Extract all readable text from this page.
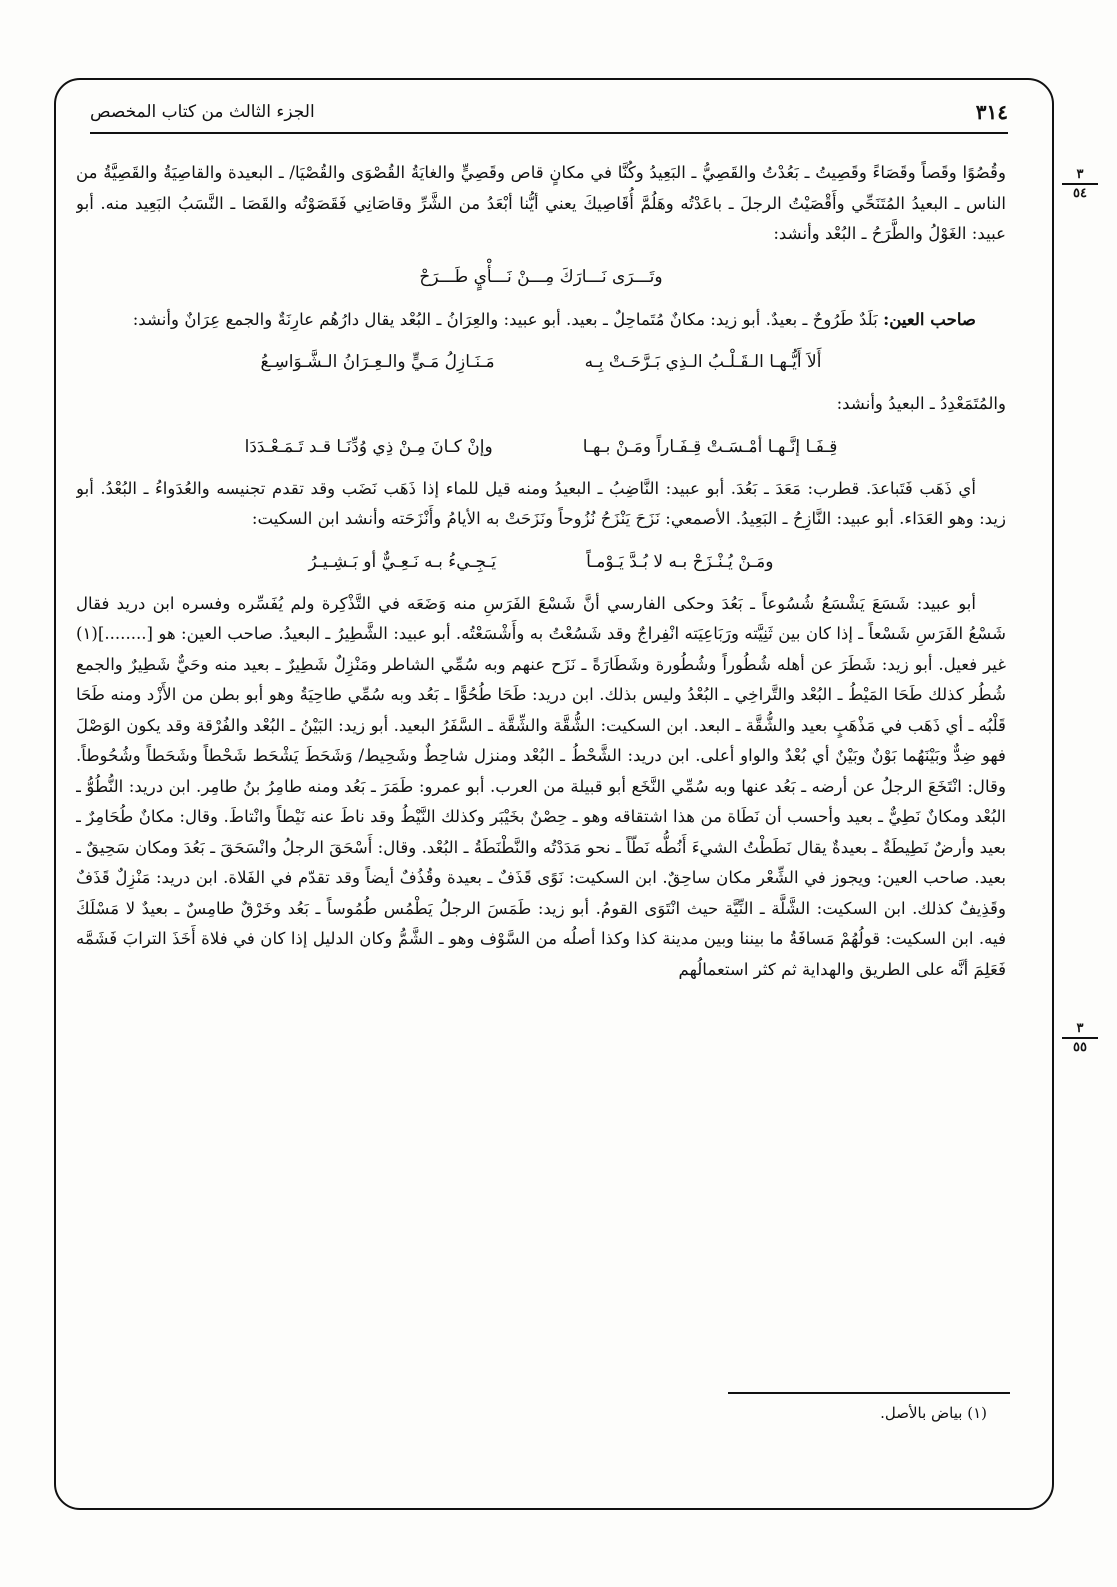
٣١٤
الجزء الثالث من كتاب المخصص
٣
٥٤
٣
٥٥

وقُصُوًا وقَصاً وقَصَاءً وقَصِيتُ ـ بَعُدْتُ والقَصِيُّ ـ البَعِيدُ وكُنَّا في مكانٍ قاص وقَصِيٍّ والغايَةُ القُصْوَى والقُصْيَا/ ـ البعيدة والقاصِيَةُ والقَصِيَّةُ من الناس ـ البعيدُ المُتَنَحِّي وأَقْصَيْتُ الرجلَ ـ باعَدْتُه وهَلُمَّ أُقَاصِيكَ يعني أيُّنا أبْعَدُ من الشَّرِّ وقاصَانِي فَقَصَوْتُه والقَصَا ـ النَّسَبُ البَعِيد منه. أبو عبيد: الغَوْلُ والطَّرَحُ ـ البُعْد وأنشد:

وتَـــرَى نَـــارَكَ مِـــنْ نَـــأْيٍ طَـــرَحْ

صاحب العين: بَلَدٌ طَرُوحٌ ـ بعيدٌ. أبو زيد: مكانٌ مُتَماحِلٌ ـ بعيد. أبو عبيد: والعِرَانُ ـ البُعْد يقال دارُهُم عارِنَةٌ والجمع عِرَانٌ وأنشد:

أَلاَ أَيُّـهـا الـقَـلْـبُ الـذِي بَـرَّحَـتْ بِـه
مَـنَـازِلُ مَـيٍّ والـعِـرَانُ الـشَّـوَاسِـعُ

والمُتَمَعْدِدُ ـ البعيدُ وأنشد:

قِـفَـا إنَّـهـا أمْـسَـتْ قِـفَـاراً ومَـنْ بـهـا
وإنْ كـانَ مِـنْ ذِي وُدِّنَـا قـد تَـمَـعْـدَدَا

أي ذَهَب فَتَباعدَ. قطرب: مَعَدَ ـ بَعُدَ. أبو عبيد: النَّاضِبُ ـ البعيدُ ومنه قيل للماء إذا ذَهَب نَضَب وقد تقدم تجنيسه والعُدَواءُ ـ البُعْدُ. أبو زيد: وهو العَدَاء. أبو عبيد: النَّازِحُ ـ البَعِيدُ. الأصمعي: نَزَحَ يَنْزَحُ نُزُوحاً ونَزَحَتْ به الأيامُ وأَنْزَحَته وأنشد ابن السكيت:

ومَـنْ يُـنْـزَحْ بـه لا بُـدَّ يَـوْمـاً
يَـجِـيءُ بـه نَـعِـيٌّ أو بَـشِـيـرُ

أبو عبيد: شَسَعَ يَشْسَعُ شُسُوعاً ـ بَعُدَ وحكى الفارسي أنَّ شَسْعَ الفَرَسِ منه وَضَعَه في التَّذْكِرة ولم يُفَسِّره وفسره ابن دريد فقال شَسْعُ الفَرَسِ شَسْعاً ـ إذا كان بين ثَنِيَّته ورَبَاعِيَته انْفِراجٌ وقد شَسُعْتُ به وأَشْسَعْتُه. أبو عبيد: الشَّطِيرُ ـ البعيدُ. صاحب العين: هو [........](١) غير فعيل. أبو زيد: شَطَرَ عن أهله شُطُوراً وشُطُورة وشَطَارَةً ـ نَزَح عنهم وبه سُمِّي الشاطر ومَنْزِلٌ شَطِيرٌ ـ بعيد منه وحَيٌّ شَطِيرٌ والجمع شُطُر كذلك طَحَا المَيْطُ ـ البُعْد والتَّراخِي ـ البُعْدُ وليس بذلك. ابن دريد: طَحَا طُحُوًّا ـ بَعُد وبه سُمِّي طاحِيَةُ وهو أبو بطن من الأَزْد ومنه طَحَا قَلْبُه ـ أي ذَهَب في مَذْهَبٍ بعيد والشُّقَّة ـ البعد. ابن السكيت: الشُّقَّة والشِّقَّة ـ السَّفَرُ البعيد. أبو زيد: البَيْنُ ـ البُعْد والفُرْقة وقد يكون الوَصْلَ فهو ضِدٌّ وبَيْنَهُما بَوْنٌ وبَيْنٌ أي بُعْدٌ والواو أعلى. ابن دريد: الشَّحْطُ ـ البُعْد ومنزل شاحِطٌ وشَحِيط/ وَشَحَطَ يَشْحَط شَحْطاً وشَحَطاً وشُحُوطاً. وقال: انْتَخَعَ الرجلُ عن أرضه ـ بَعُد عنها وبه سُمِّي النَّخَع أبو قبيلة من العرب. أبو عمرو: طَمَرَ ـ بَعُد ومنه طامِرُ بنُ طامِر. ابن دريد: النُّطُوُّ ـ البُعْد ومكانٌ نَطِيٌّ ـ بعيد وأحسب أن نَطَاة من هذا اشتقاقه وهو ـ حِصْنٌ بخَيْبَر وكذلك النَّيْطُ وقد ناطَ عنه نَيْطاً وانْتاطَ. وقال: مكانٌ طُحَامِرٌ ـ بعيد وأرضٌ نَطِيطَةٌ ـ بعيدةٌ يقال نَطَطْتُ الشيءَ أَنُطُّه نَطّاً ـ نحو مَدَدْتُه والنَّطْنَطَةُ ـ البُعْد. وقال: أَسْحَقَ الرجلُ وانْسَحَقَ ـ بَعُدَ ومكان سَحِيقٌ ـ بعيد. صاحب العين: ويجوز في الشِّعْر مكان ساحِقٌ. ابن السكيت: نَوًى قَذَفٌ ـ بعيدة وقُذُفٌ أيضاً وقد تقدّم في الفَلاة. ابن دريد: مَنْزِلٌ قَذَفٌ وقَذِيفٌ كذلك. ابن السكيت: الشَّلَّة ـ النِّيَّة حيث انْتَوَى القومُ. أبو زيد: طَمَسَ الرجلُ يَطْمُس طُمُوساً ـ بَعُد وخَرْقٌ طامِسٌ ـ بعيدٌ لا مَسْلَكَ فيه. ابن السكيت: قولُهُمْ مَسافَةُ ما بيننا وبين مدينة كذا وكذا أصلُه من السَّوْف وهو ـ الشَّمُّ وكان الدليل إذا كان في فلاة أَخَذَ الترابَ فَشَمَّه فَعَلِمَ أنَّه على الطريق والهداية ثم كثر استعمالُهم

(١) بياض بالأصل.
